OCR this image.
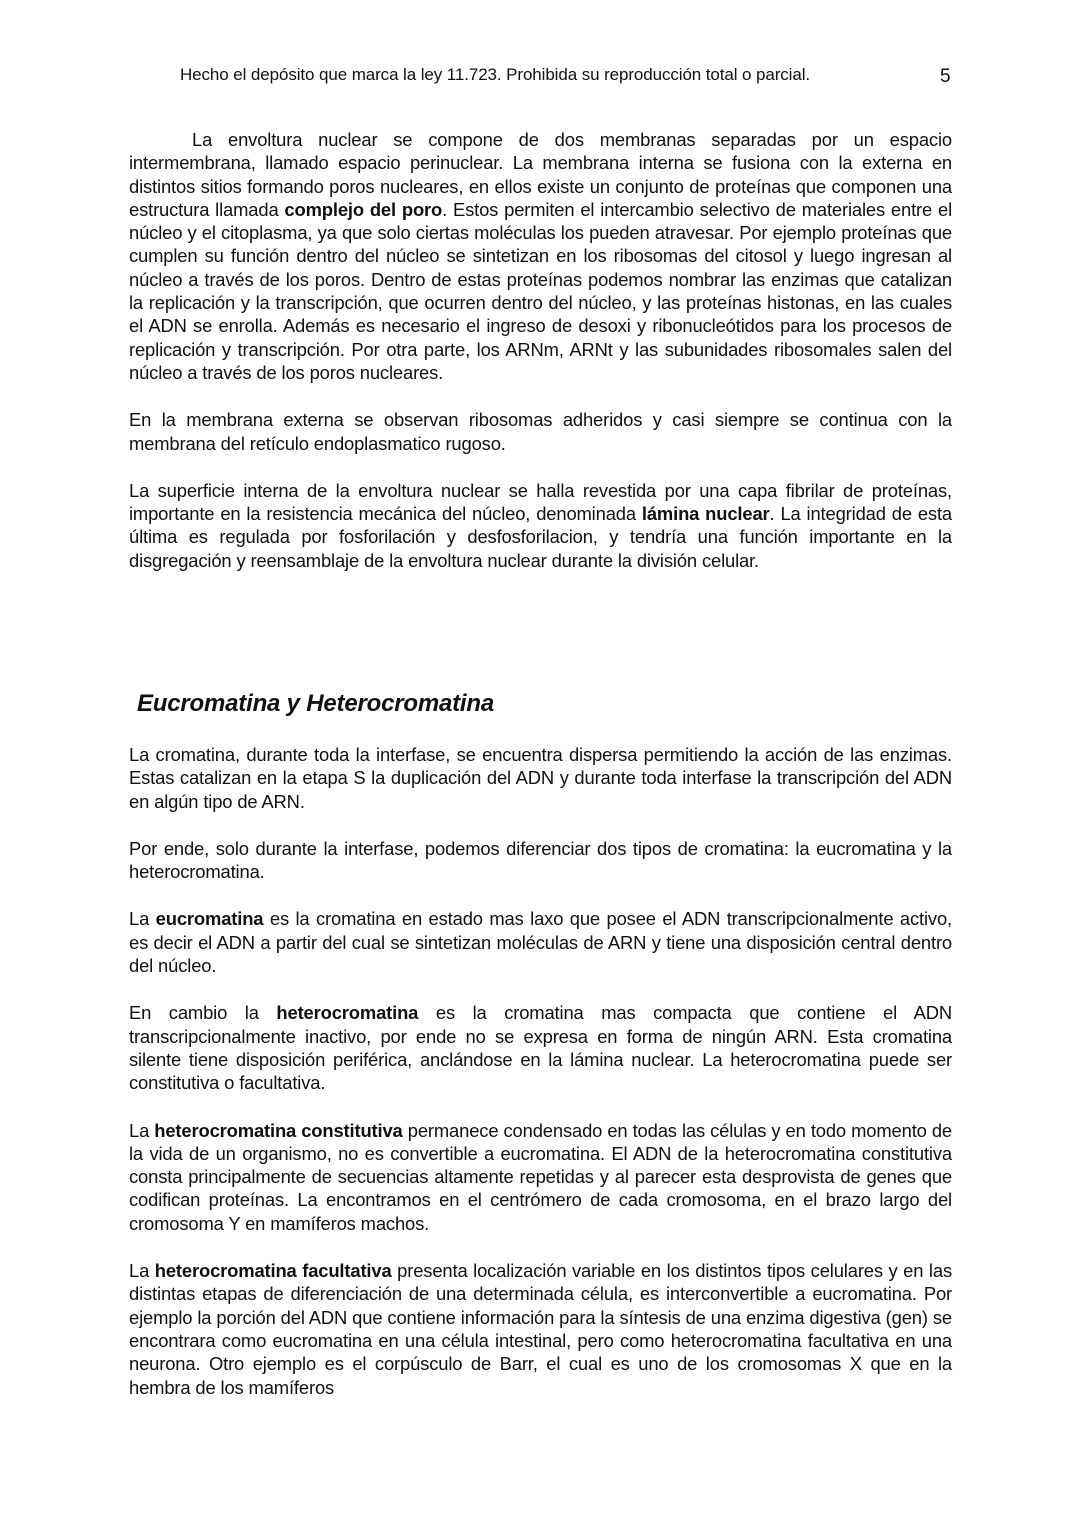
Hecho el depósito que marca la ley 11.723. Prohibida su reproducción total o parcial.	5

La envoltura nuclear se compone de dos membranas separadas por un espacio intermembrana, llamado espacio perinuclear. La membrana interna se fusiona con la externa en distintos sitios formando poros nucleares, en ellos existe un conjunto de proteínas que componen una estructura llamada complejo del poro. Estos permiten el intercambio selectivo de materiales entre el núcleo y el citoplasma, ya que solo ciertas moléculas los pueden atravesar. Por ejemplo proteínas que cumplen su función dentro del núcleo se sintetizan en los ribosomas del citosol y luego ingresan al núcleo a través de los poros. Dentro de estas proteínas podemos nombrar las enzimas que catalizan la replicación y la transcripción, que ocurren dentro del núcleo, y las proteínas histonas, en las cuales el ADN se enrolla. Además es necesario el ingreso de desoxi y ribonucleótidos para los procesos de replicación y transcripción. Por otra parte, los ARNm, ARNt y las subunidades ribosomales salen del núcleo a través de los poros nucleares.

En la membrana externa se observan ribosomas adheridos y casi siempre se continua con la membrana del retículo endoplasmatico rugoso.

La superficie interna de la envoltura nuclear se halla revestida por una capa fibrilar de proteínas, importante en la resistencia mecánica del núcleo, denominada lámina nuclear. La integridad de esta última es regulada por fosforilación y desfosforilacion, y tendría una función importante en la disgregación y reensamblaje de la envoltura nuclear durante la división celular.

Eucromatina y Heterocromatina

La cromatina, durante toda la interfase, se encuentra dispersa permitiendo la acción de las enzimas. Estas catalizan en la etapa S la duplicación del ADN y durante toda interfase la transcripción del ADN en algún tipo de ARN.

Por ende, solo durante la interfase, podemos diferenciar dos tipos de cromatina: la eucromatina y la heterocromatina.

La eucromatina es la cromatina en estado mas laxo que posee el ADN transcripcionalmente activo, es decir el ADN a partir del cual se sintetizan moléculas de ARN y tiene una disposición central dentro del núcleo.

En cambio la heterocromatina es la cromatina mas compacta que contiene el ADN transcripcionalmente inactivo, por ende no se expresa en forma de ningún ARN. Esta cromatina silente tiene disposición periférica, anclándose en la lámina nuclear. La heterocromatina puede ser constitutiva o facultativa.

La heterocromatina constitutiva permanece condensado en todas las células y en todo momento de la vida de un organismo, no es convertible a eucromatina. El ADN de la heterocromatina constitutiva consta principalmente de secuencias altamente repetidas y al parecer esta desprovista de genes que codifican proteínas. La encontramos en el centrómero de cada cromosoma, en el brazo largo del cromosoma Y en mamíferos machos.

La heterocromatina facultativa presenta localización variable en los distintos tipos celulares y en las distintas etapas de diferenciación de una determinada célula, es interconvertible a eucromatina. Por ejemplo la porción del ADN que contiene información para la síntesis de una enzima digestiva (gen) se encontrara como eucromatina en una célula intestinal, pero como heterocromatina facultativa en una neurona. Otro ejemplo es el corpúsculo de Barr, el cual es uno de los cromosomas X que en la hembra de los mamíferos
